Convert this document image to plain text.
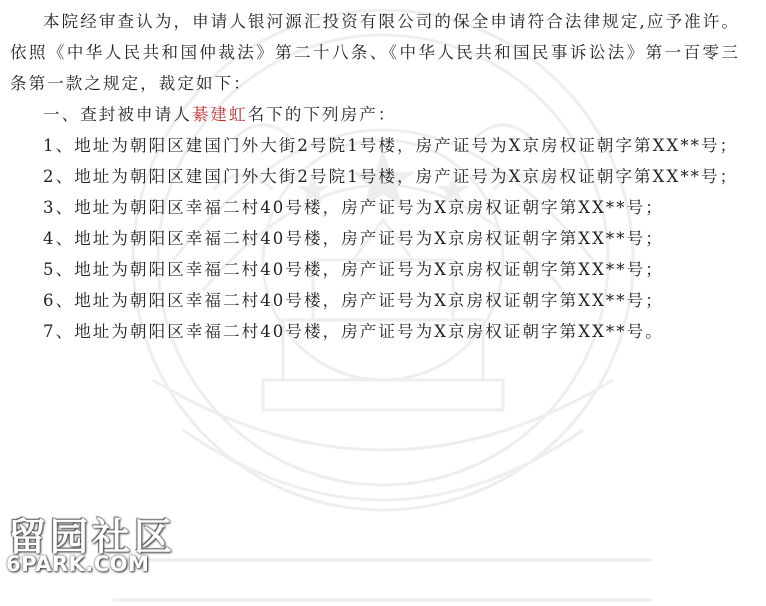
本院经审查认为，申请人银河源汇投资有限公司的保全申请符合法律规定,应予准许。依照《中华人民共和国仲裁法》第二十八条、《中华人民共和国民事诉讼法》第一百零三条第一款之规定，裁定如下：

一、查封被申请人綦建虹名下的下列房产：

1、地址为朝阳区建国门外大街2号院1号楼，房产证号为X京房权证朝字第XX**号；

2、地址为朝阳区建国门外大街2号院1号楼，房产证号为X京房权证朝字第XX**号；

3、地址为朝阳区幸福二村40号楼，房产证号为X京房权证朝字第XX**号；

4、地址为朝阳区幸福二村40号楼，房产证号为X京房权证朝字第XX**号；

5、地址为朝阳区幸福二村40号楼，房产证号为X京房权证朝字第XX**号；

6、地址为朝阳区幸福二村40号楼，房产证号为X京房权证朝字第XX**号；

7、地址为朝阳区幸福二村40号楼，房产证号为X京房权证朝字第XX**号。

留园社区
6PARK.COM
